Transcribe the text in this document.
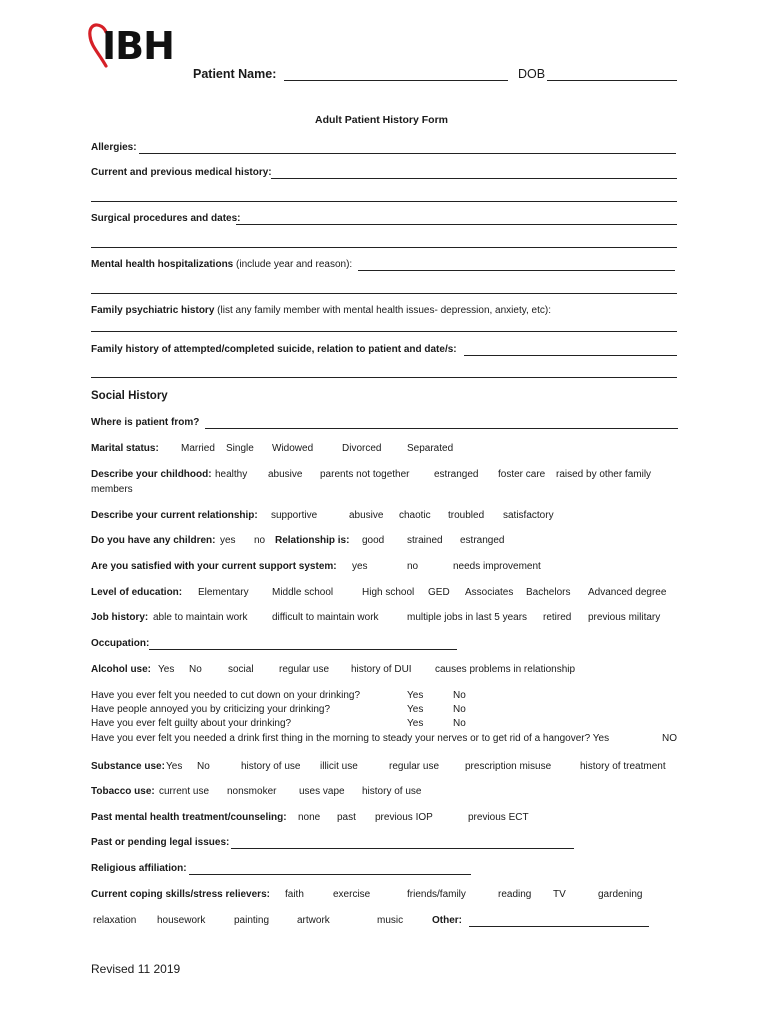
IBH
Patient Name:	DOB
Adult Patient History Form
Allergies:
Current and previous medical history:
Surgical procedures and dates:
Mental health hospitalizations (include year and reason):
Family psychiatric history (list any family member with mental health issues- depression, anxiety, etc):
Family history of attempted/completed suicide, relation to patient and date/s:
Social History
Where is patient from?
Marital status: Married Single Widowed	Divorced	Separated
Describe your childhood: healthy abusive parents not together estranged foster care raised by other family
members
Describe your current relationship: supportive	abusive chaotic troubled satisfactory
Do you have any children: yes no Relationship is: good strained estranged
Are you satisfied with your current support system: yes	no	needs improvement
Level of education: Elementary Middle school	High school GED Associates Bachelors Advanced degree
Job history: able to maintain work difficult to maintain work	multiple jobs in last 5 years retired previous military
Occupation:
Alcohol use: Yes No	social	regular use history of DUI causes problems in relationship
Have you ever felt you needed to cut down on your drinking?	Yes	No
Have people annoyed you by criticizing your drinking?	Yes	No
Have you ever felt guilty about your drinking?	Yes	No
Have you ever felt you needed a drink first thing in the morning to steady your nerves or to get rid of a hangover? Yes	NO
Substance use: Yes No	history of use illicit use	regular use	prescription misuse	history of treatment
Tobacco use: current use nonsmoker uses vape history of use
Past mental health treatment/counseling: none past previous IOP	previous ECT
Past or pending legal issues:
Religious affiliation:
Current coping skills/stress relievers: faith	exercise	friends/family	reading TV	gardening
relaxation housework	painting	artwork	music	Other:
Revised 11 2019
